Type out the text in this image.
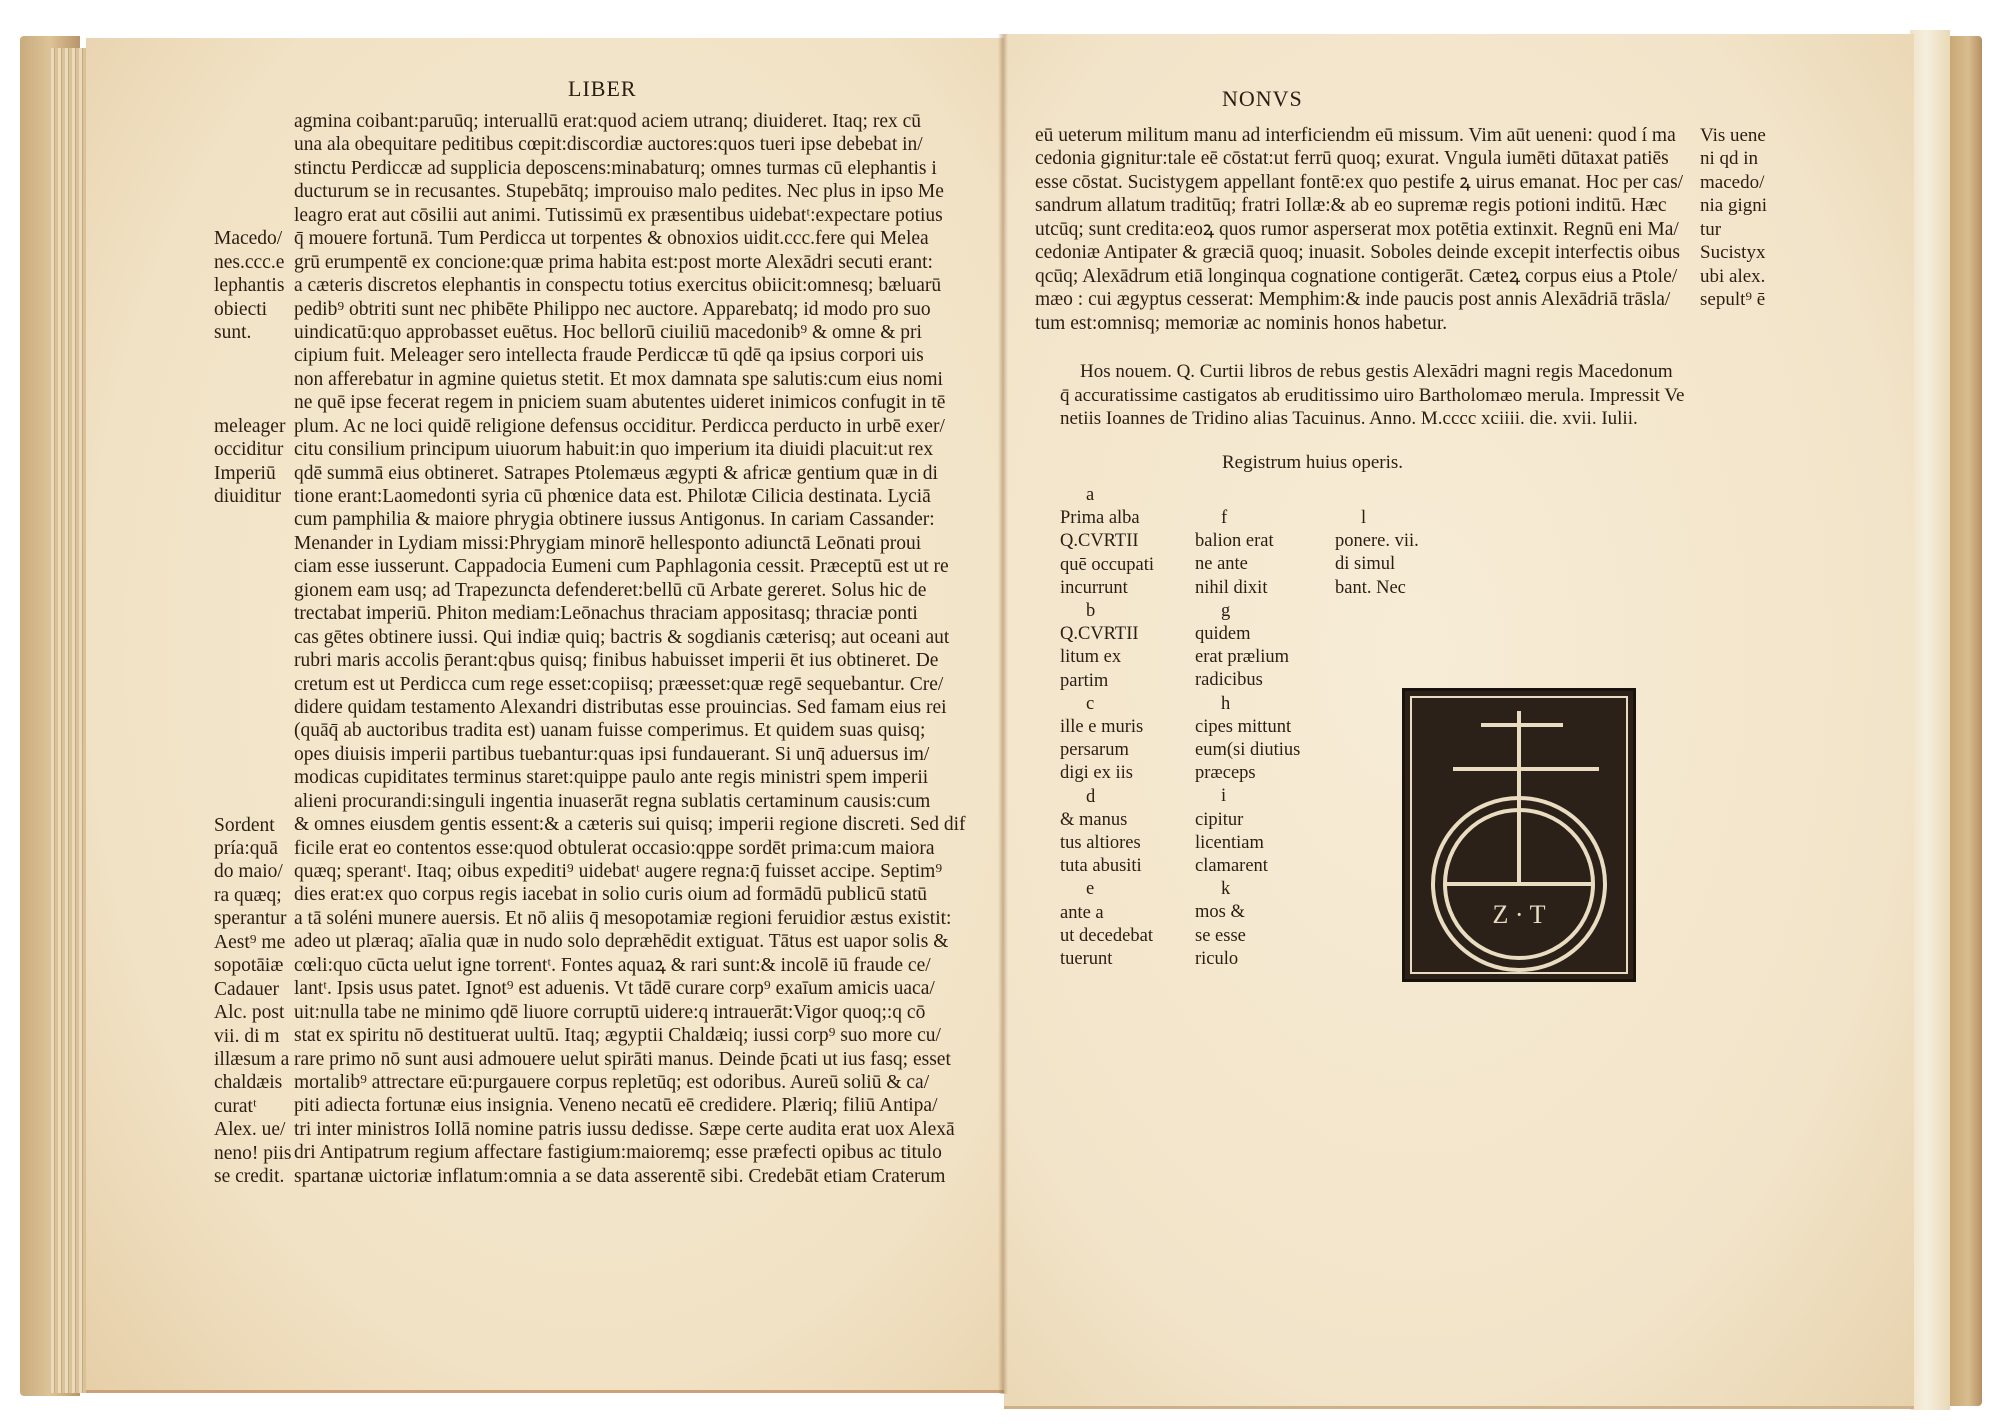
LIBER
agmina coibant:paruūq; interuallū erat:quod aciem utranq; diuideret. Itaq; rex cū
una ala obequitare peditibus cœpit:discordiæ auctores:quos tueri ipse debebat in/
stinctu Perdiccæ ad supplicia deposcens:minabaturq; omnes turmas cū elephantis i
ducturum se in recusantes. Stupebātq; improuiso malo pedites. Nec plus in ipso Me
leagro erat aut cōsilii aut animi. Tutissimū ex præsentibus uidebatᵗ:expectare potius
q̄ mouere fortunā. Tum Perdicca ut torpentes & obnoxios uidit.ccc.fere qui Melea
grū erumpentē ex concione:quæ prima habita est:post morte Alexādri secuti erant:
a cæteris discretos elephantis in conspectu totius exercitus obiicit:omnesq; bæluarū
pedib⁹ obtriti sunt nec phibēte Philippo nec auctore. Apparebatq; id modo pro suo
uindicatū:quo approbasset euētus. Hoc bellorū ciuiliū macedonib⁹ & omne & pri
cipium fuit. Meleager sero intellecta fraude Perdiccæ tū qdē qa ipsius corpori uis
non afferebatur in agmine quietus stetit. Et mox damnata spe salutis:cum eius nomi
ne quē ipse fecerat regem in pniciem suam abutentes uideret inimicos confugit in tē
plum. Ac ne loci quidē religione defensus occiditur. Perdicca perducto in urbē exer/
citu consilium principum uiuorum habuit:in quo imperium ita diuidi placuit:ut rex
qdē summā eius obtineret. Satrapes Ptolemæus ægypti & africæ gentium quæ in di
tione erant:Laomedonti syria cū phœnice data est. Philotæ Cilicia destinata. Lyciā
cum pamphilia & maiore phrygia obtinere iussus Antigonus. In cariam Cassander:
Menander in Lydiam missi:Phrygiam minorē hellesponto adiunctā Leōnati proui
ciam esse iusserunt. Cappadocia Eumeni cum Paphlagonia cessit. Præceptū est ut re
gionem eam usq; ad Trapezuncta defenderet:bellū cū Arbate gereret. Solus hic de
trectabat imperiū. Phiton mediam:Leōnachus thraciam appositasq; thraciæ ponti
cas gētes obtinere iussi. Qui indiæ quiq; bactris & sogdianis cæterisq; aut oceani aut
rubri maris accolis p̄erant:qbus quisq; finibus habuisset imperii ēt ius obtineret. De
cretum est ut Perdicca cum rege esset:copiisq; præesset:quæ regē sequebantur. Cre/
didere quidam testamento Alexandri distributas esse prouincias. Sed famam eius rei
(quāq̄ ab auctoribus tradita est) uanam fuisse comperimus. Et quidem suas quisq;
opes diuisis imperii partibus tuebantur:quas ipsi fundauerant. Si unq̄ aduersus im/
modicas cupiditates terminus staret:quippe paulo ante regis ministri spem imperii
alieni procurandi:singuli ingentia inuaserāt regna sublatis certaminum causis:cum
& omnes eiusdem gentis essent:& a cæteris sui quisq; imperii regione discreti. Sed dif
ficile erat eo contentos esse:quod obtulerat occasio:qppe sordēt prima:cum maiora
quæq; sperantᵗ. Itaq; oibus expediti⁹ uidebatᵗ augere regna:q̄ fuisset accipe. Septim⁹
dies erat:ex quo corpus regis iacebat in solio curis oium ad formādū publicū statū
a tā soléni munere auersis. Et nō aliis q̄ mesopotamiæ regioni feruidior æstus existit:
adeo ut plæraq; aīalia quæ in nudo solo depræhēdit extiguat. Tātus est uapor solis &
cœli:quo cūcta uelut igne torrentᵗ. Fontes aquaꝝ & rari sunt:& incolē iū fraude ce/
lantᵗ. Ipsis usus patet. Ignot⁹ est aduenis. Vt tādē curare corp⁹ exaīum amicis uaca/
uit:nulla tabe ne minimo qdē liuore corruptū uidere:q intrauerāt:Vigor quoq;:q cō
stat ex spiritu nō destituerat uultū. Itaq; ægyptii Chaldæiq; iussi corp⁹ suo more cu/
rare primo nō sunt ausi admouere uelut spirāti manus. Deinde p̄cati ut ius fasq; esset
mortalib⁹ attrectare eū:purgauere corpus repletūq; est odoribus. Aureū soliū & ca/
piti adiecta fortunæ eius insignia. Veneno necatū eē credidere. Plæriq; filiū Antipa/
tri inter ministros Iollā nomine patris iussu dedisse. Sæpe certe audita erat uox Alexā
dri Antipatrum regium affectare fastigium:maioremq; esse præfecti opibus ac titulo
spartanæ uictoriæ inflatum:omnia a se data asserentē sibi. Credebāt etiam Craterum
Macedo/
nes.ccc.e
lephantis
obiecti
sunt.
meleager
occiditur
Imperiū
diuiditur
Sordent
pría:quā
do maio/
ra quæq;
sperantur
Aest⁹ me
sopotāiæ
Cadauer
Alc. post
vii. di m
illæsum a
chaldæis
curatᵗ
Alex. ue/
neno! piis
se credit.
NONVS
eū ueterum militum manu ad interficiendm eū missum. Vim aūt ueneni: quod í ma
cedonia gignitur:tale eē cōstat:ut ferrū quoq; exurat. Vngula iumēti dūtaxat patiēs
esse cōstat. Sucistygem appellant fontē:ex quo pestife ꝝ uirus emanat. Hoc per cas/
sandrum allatum traditūq; fratri Iollæ:& ab eo supremæ regis potioni inditū. Hæc
utcūq; sunt credita:eoꝝ quos rumor asperserat mox potētia extinxit. Regnū eni Ma/
cedoniæ Antipater & græciā quoq; inuasit. Soboles deinde excepit interfectis oibus
qcūq; Alexādrum etiā longinqua cognatione contigerāt. Cæteꝝ corpus eius a Ptole/
mæo : cui ægyptus cesserat: Memphim:& inde paucis post annis Alexādriā trāsla/
tum est:omnisq; memoriæ ac nominis honos habetur.
Vis uene
ni qd in
macedo/
nia gigni
tur
Sucistyx
ubi alex.
sepult⁹ ē
Hos nouem. Q. Curtii libros de rebus gestis Alexādri magni regis Macedonum
q̄ accuratissime castigatos ab eruditissimo uiro Bartholomæo merula. Impressit Ve
netiis Ioannes de Tridino alias Tacuinus. Anno. M.cccc xciiii. die. xvii. Iulii.
Registrum huius operis.
a
Prima alba
Q.CVRTII
quē occupati
incurrunt
b
Q.CVRTII
litum ex
partim
c
ille e muris
persarum
digi ex iis
d
& manus
tus altiores
tuta abusiti
e
ante a
ut decedebat
tuerunt
f
balion erat
ne ante
nihil dixit
g
quidem
erat prælium
radicibus
h
cipes mittunt
eum(si diutius
præceps
i
cipitur
licentiam
clamarent
k
mos &
se esse
riculo
l
ponere. vii.
di simul
bant. Nec
Z · T
